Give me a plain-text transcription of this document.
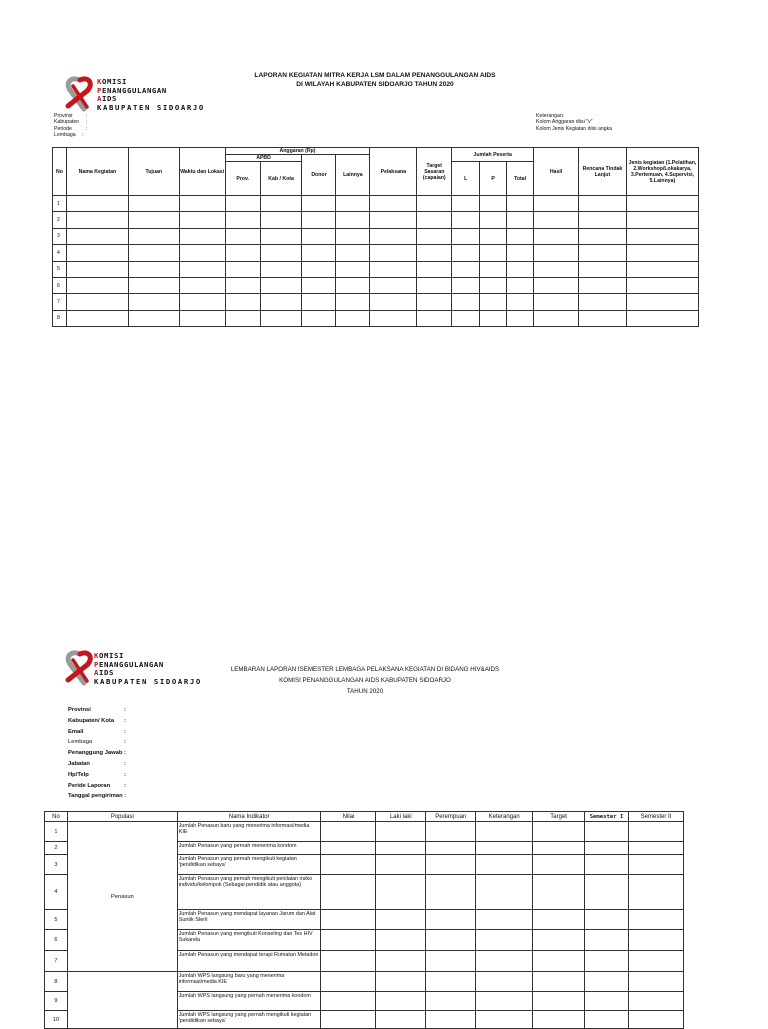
KOMISI
PENANGGULANGAN
AIDS
KABUPATEN SIDOARJO
LAPORAN KEGIATAN MITRA KERJA LSM DALAM PENANGGULANGAN AIDS
DI WILAYAH KABUPATEN SIDOARJO TAHUN 2020
Provinsi	:
Kabupaten :
Periode	:
Lembaga :
Keterangan:
Kolom Anggaran diisi "v"
Kolom Jenis Kegiatan diisi angka
No	Nama Kegiatan	Tujuan	Waktu dan Lokasi	Anggaran (Rp)				Pelaksana	Target Sasaran (capaian)	Jumlah Peserta			Hasil	Rencana Tindak Lanjut	Jenis kegiatan (1.Pelatihan, 2.Workshop/Lokakarya, 3.Pertemuan, 4.Supervisi, 5.Lainnya)
				APBD		Donor	Lainnya								
				Prov.	Kab / Kota					L	P	Total			
1															
2															
3															
4															
5															
6															
7															
8															
KOMISI
PENANGGULANGAN
AIDS
KABUPATEN SIDOARJO
LEMBARAN LAPORAN ISEMESTER LEMBAGA PELAKSANA KEGIATAN DI BIDANG HIV&AIDS
KOMISI PENANGGULANGAN AIDS KABUPATEN SIDOARJO
TAHUN 2020
Provinsi	:
Kabupaten/ Kota :
Email	:
Lembaga	:
Penanggung Jawab :
Jabatan	:
Hp/Telp	:
Peride Laporan :
Tanggal pengiriman :
No	Populasi	Nama Indikator	Nilai	Laki laki	Perempuan	Keterangan	Target	Semester I	Semester II
1	Penasun	Jumlah Penasun baru yang menerima informasi/media KIE							
2		Jumlah Penasun yang pernah menerima kondom							
3		Jumlah Penasun yang pernah mengikuti kegiatan 'pendidikan sebaya'							
4		Jumlah Penasun yang pernah mengikuti penilaian risiko individu/kelompok (Sebagai pendidik atau anggota)							
5		Jumlah Penasun yang mendapat layanan Jarum dan Alat Suntik Steril							
6		Jumlah Penasun yang mengikuti Konseling dan Tes HIV Sukarela							
7		Jumlah Penasun yang mendapat terapi Rumatan Metadon							
8		Jumlah WPS langsung baru yang menerima informasi/media KIE							
9		Jumlah WPS langsung yang pernah menerima kondom							
10		Jumlah WPS langsung yang pernah mengikuti kegiatan 'pendidikan sebaya'							
